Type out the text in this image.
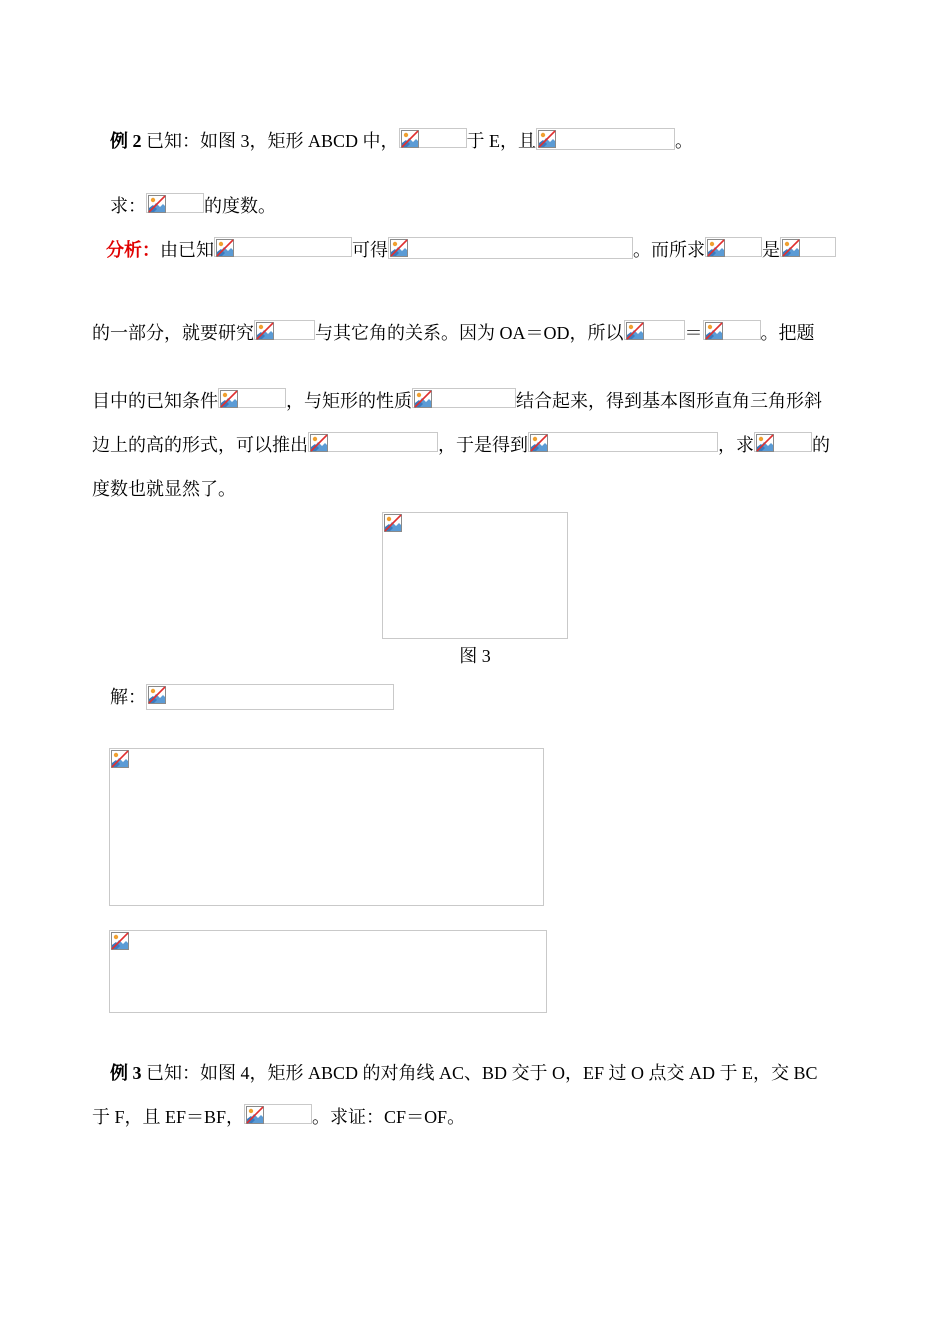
例 2 已知：如图 3，矩形 ABCD 中，	于 E，且	。
求：	的度数。
分析：由已知	可得	。而所求	是
的一部分，就要研究	与其它角的关系。因为 OA＝OD，所以	＝	。把题
目中的已知条件	，与矩形的性质	结合起来，得到基本图形直角三角形斜
边上的高的形式，可以推出	，于是得到	，求	的
度数也就显然了。
图 3
解：
例 3 已知：如图 4，矩形 ABCD 的对角线 AC、BD 交于 O，EF 过 O 点交 AD 于 E，交 BC
于 F，且 EF＝BF，	。求证：CF＝OF。
